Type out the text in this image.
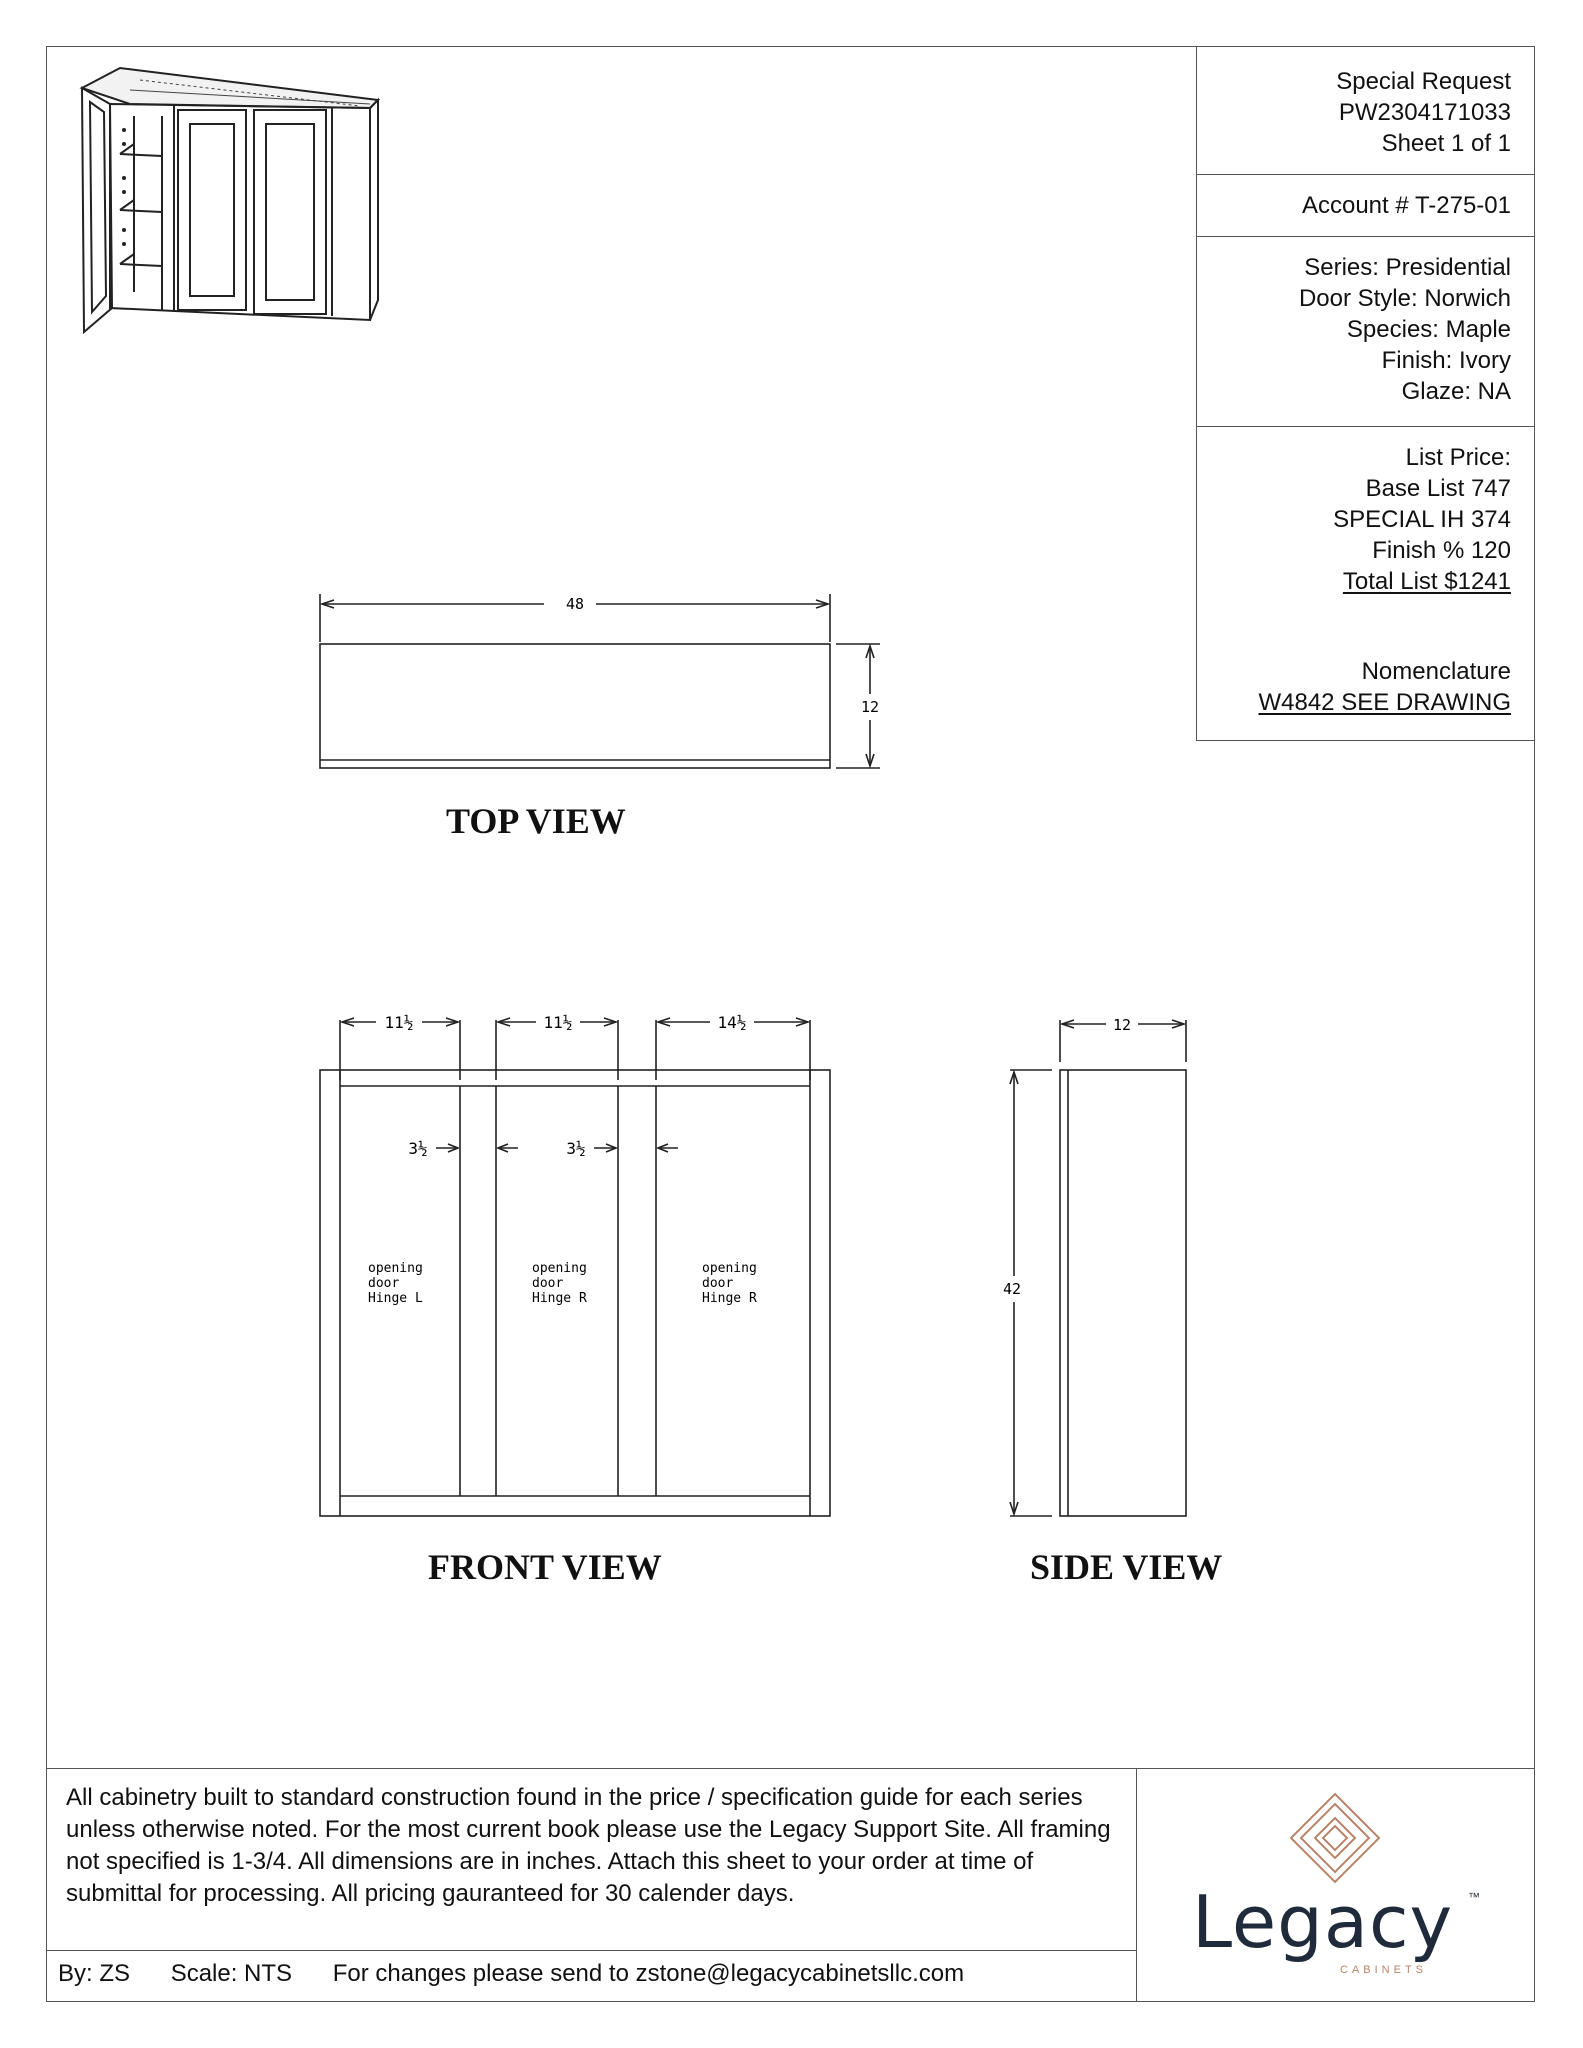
Special Request
PW2304171033
Sheet 1 of 1
Account # T-275-01
Series: Presidential
Door Style: Norwich
Species: Maple
Finish: Ivory
Glaze: NA
List Price:
Base List 747
SPECIAL IH 374
Finish % 120
Total List $1241
Nomenclature
W4842 SEE DRAWING
48
12
TOP VIEW
11½	11½	14½
3½	3½
opening
door
Hinge L
opening
door
Hinge R
opening
door
Hinge R
FRONT VIEW
12
42
SIDE VIEW
All cabinetry built to standard construction found in the price / specification guide for each series unless otherwise noted. For the most current book please use the Legacy Support Site. All framing not specified is 1-3/4. All dimensions are in inches. Attach this sheet to your order at time of submittal for processing. All pricing gauranteed for 30 calender days.
By: ZS Scale: NTS For changes please send to zstone@legacycabinetsllc.com
Legacy ™
CABINETS
